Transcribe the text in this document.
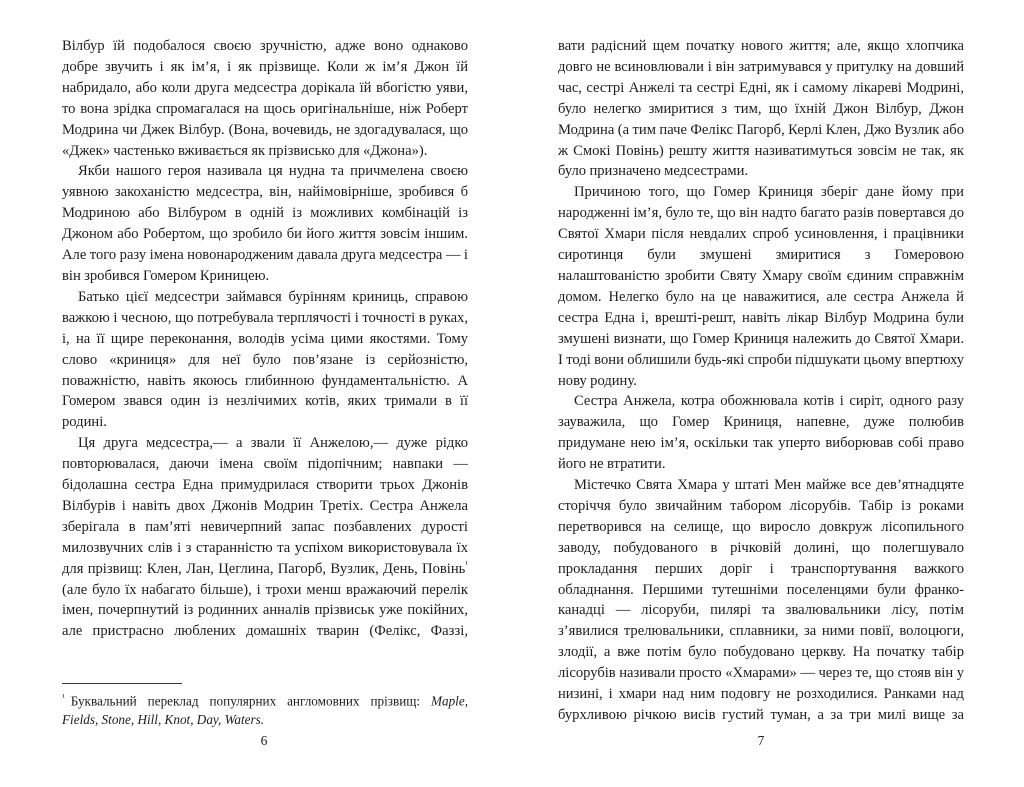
Вілбур їй подобалося своєю зручністю, адже воно однаково добре звучить і як ім’я, і як прізвище. Коли ж ім’я Джон їй набридало, або коли друга медсестра дорікала їй вбогістю уяви, то вона зрідка спромагалася на щось оригінальніше, ніж Роберт Модрина чи Джек Вілбур. (Вона, вочевидь, не здогадувалася, що «Джек» частенько вживається як прізвисько для «Джона»).

Якби нашого героя називала ця нудна та причмелена своєю уявною закоханістю медсестра, він, найімовірніше, зробився б Модриною або Вілбуром в одній із можливих комбінацій із Джоном або Робертом, що зробило би його життя зовсім іншим. Але того разу імена новонародженим давала друга медсестра — і він зробився Гомером Криницею.

Батько цієї медсестри займався бурінням криниць, справою важкою і чесною, що потребувала терплячості і точності в руках, і, на її щире переконання, володів усіма цими якостями. Тому слово «криниця» для неї було пов’язане із серйозністю, поважністю, навіть якоюсь глибинною фундаментальністю. А Гомером звався один із незлічимих котів, яких тримали в її родині.

Ця друга медсестра,— а звали її Анжелою,— дуже рідко повторювалася, даючи імена своїм підопічним; навпаки — бідолашна сестра Една примудрилася створити трьох Джонів Вілбурів і навіть двох Джонів Модрин Третіх. Сестра Анжела зберігала в пам’яті невичерпний запас позбавлених дурості милозвучних слів і з старанністю та успіхом використовувала їх для прізвищ: Клен, Лан, Цеглина, Пагорб, Вузлик, День, Повінь$^{^1}$ (але було їх набагато більше), і трохи менш вражаючий перелік імен, почерпнутий із родинних анналів прізвиськ уже покійних, але пристрасно люблених домашніх тварин (Фелікс, Фаззі,

$^{^1}$ Буквальний переклад популярних англомовних прізвищ: Maple, Fields, Stone, Hill, Knot, Day, Waters.
6

вати радісний щем початку нового життя; але, якщо хлопчика довго не всиновлювали і він затримувався у притулку на довший час, сестрі Анжелі та сестрі Едні, як і самому лікареві Модрині, було нелегко змиритися з тим, що їхній Джон Вілбур, Джон Модрина (а тим паче Фелікс Пагорб, Керлі Клен, Джо Вузлик або ж Смокі Повінь) решту життя називатимуться зовсім не так, як було призначено медсестрами.

Причиною того, що Гомер Криниця зберіг дане йому при народженні ім’я, було те, що він надто багато разів повертався до Святої Хмари після невдалих спроб усиновлення, і працівники сиротинця були змушені змиритися з Гомеровою налаштованістю зробити Святу Хмару своїм єдиним справжнім домом. Нелегко було на це наважитися, але сестра Анжела й сестра Една і, врешті-решт, навіть лікар Вілбур Модрина були змушені визнати, що Гомер Криниця належить до Святої Хмари. І тоді вони облишили будь-які спроби підшукати цьому впертюху нову родину.

Сестра Анжела, котра обожнювала котів і сиріт, одного разу зауважила, що Гомер Криниця, напевне, дуже полюбив придумане нею ім’я, оскільки так уперто виборював собі право його не втратити.

Містечко Свята Хмара у штаті Мен майже все дев’ятнадцяте сторіччя було звичайним табором лісорубів. Табір із роками перетворився на селище, що виросло довкруж лісопильного заводу, побудованого в річковій долині, що полегшувало прокладання перших доріг і транспортування важкого обладнання. Першими тутешніми поселенцями були франко-канадці — лісоруби, пилярі та звалювальники лісу, потім з’явилися трелювальники, сплавники, за ними повії, волоцюги, злодії, а вже потім було побудовано церкву. На початку табір лісорубів називали просто «Хмарами» — через те, що стояв він у низині, і хмари над ним подовгу не розходилися. Ранками над бурхливою річкою висів густий туман, а за три милі вище за

7
